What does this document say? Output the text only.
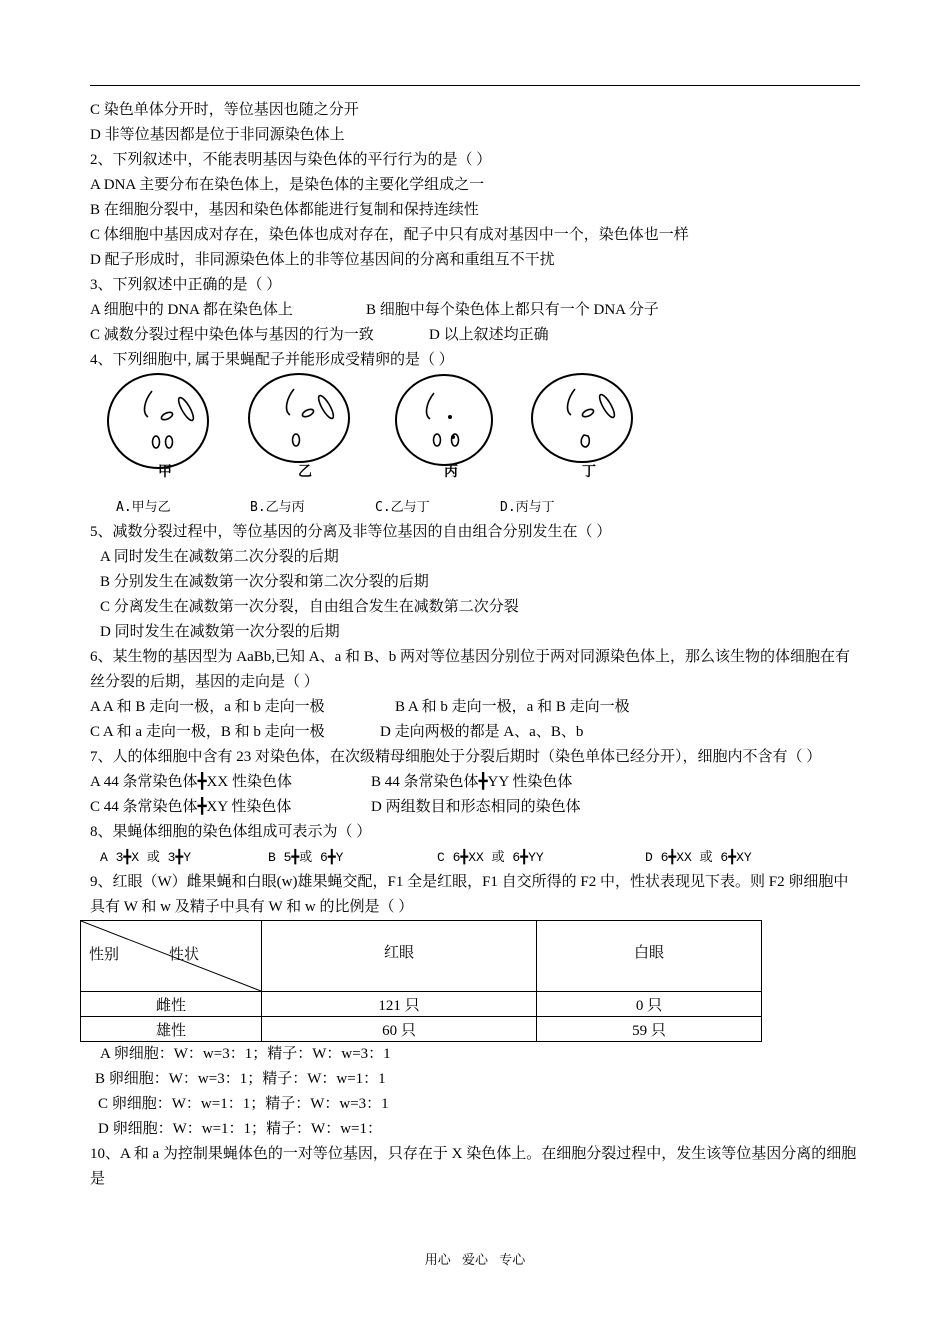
C 染色单体分开时，等位基因也随之分开
D 非等位基因都是位于非同源染色体上
2、下列叙述中，不能表明基因与染色体的平行行为的是（ ）
A DNA 主要分布在染色体上，是染色体的主要化学组成之一
B 在细胞分裂中，基因和染色体都能进行复制和保持连续性
C 体细胞中基因成对存在，染色体也成对存在，配子中只有成对基因中一个，染色体也一样
D 配子形成时，非同源染色体上的非等位基因间的分离和重组互不干扰
3、下列叙述中正确的是（ ）
A 细胞中的 DNA 都在染色体上	B 细胞中每个染色体上都只有一个 DNA 分子
C 减数分裂过程中染色体与基因的行为一致	D 以上叙述均正确
4、下列细胞中, 属于果蝇配子并能形成受精卵的是（ ）
甲	乙	丙	丁
A.甲与乙	B.乙与丙	C.乙与丁	D.丙与丁
5、减数分裂过程中，等位基因的分离及非等位基因的自由组合分别发生在（ ）
A 同时发生在减数第二次分裂的后期
B 分别发生在减数第一次分裂和第二次分裂的后期
C 分离发生在减数第一次分裂，自由组合发生在减数第二次分裂
D 同时发生在减数第一次分裂的后期
6、某生物的基因型为 AaBb,已知 A、a 和 B、b 两对等位基因分别位于两对同源染色体上，那么该生物的体细胞在有丝分裂的后期，基因的走向是（ ）
A A 和 B 走向一极，a 和 b 走向一极	B A 和 b 走向一极，a 和 B 走向一极
C A 和 a 走向一极，B 和 b 走向一极	D 走向两极的都是 A、a、B、b
7、人的体细胞中含有 23 对染色体，在次级精母细胞处于分裂后期时（染色单体已经分开），细胞内不含有（ ）
A 44 条常染色体╋XX 性染色体	B 44 条常染色体╋YY 性染色体
C 44 条常染色体╋XY 性染色体	D 两组数目和形态相同的染色体
8、果蝇体细胞的染色体组成可表示为（ ）
A 3╋X 或 3╋Y	B 5╋或 6╋Y	C 6╋XX 或 6╋YY	D 6╋XX 或 6╋XY
9、红眼（W）雌果蝇和白眼(w)雄果蝇交配，F1 全是红眼，F1 自交所得的 F2 中，性状表现见下表。则 F2 卵细胞中具有 W 和 w 及精子中具有 W 和 w 的比例是（ ）
性别 性状	红眼	白眼
雌性	121 只	0 只
雄性	60 只	59 只
A 卵细胞：W：w=3：1；精子：W：w=3：1
B 卵细胞：W：w=3：1；精子：W：w=1：1
C 卵细胞：W：w=1：1；精子：W：w=3：1
D 卵细胞：W：w=1：1；精子：W：w=1：
10、A 和 a 为控制果蝇体色的一对等位基因，只存在于 X 染色体上。在细胞分裂过程中，发生该等位基因分离的细胞是
用心 爱心 专心
